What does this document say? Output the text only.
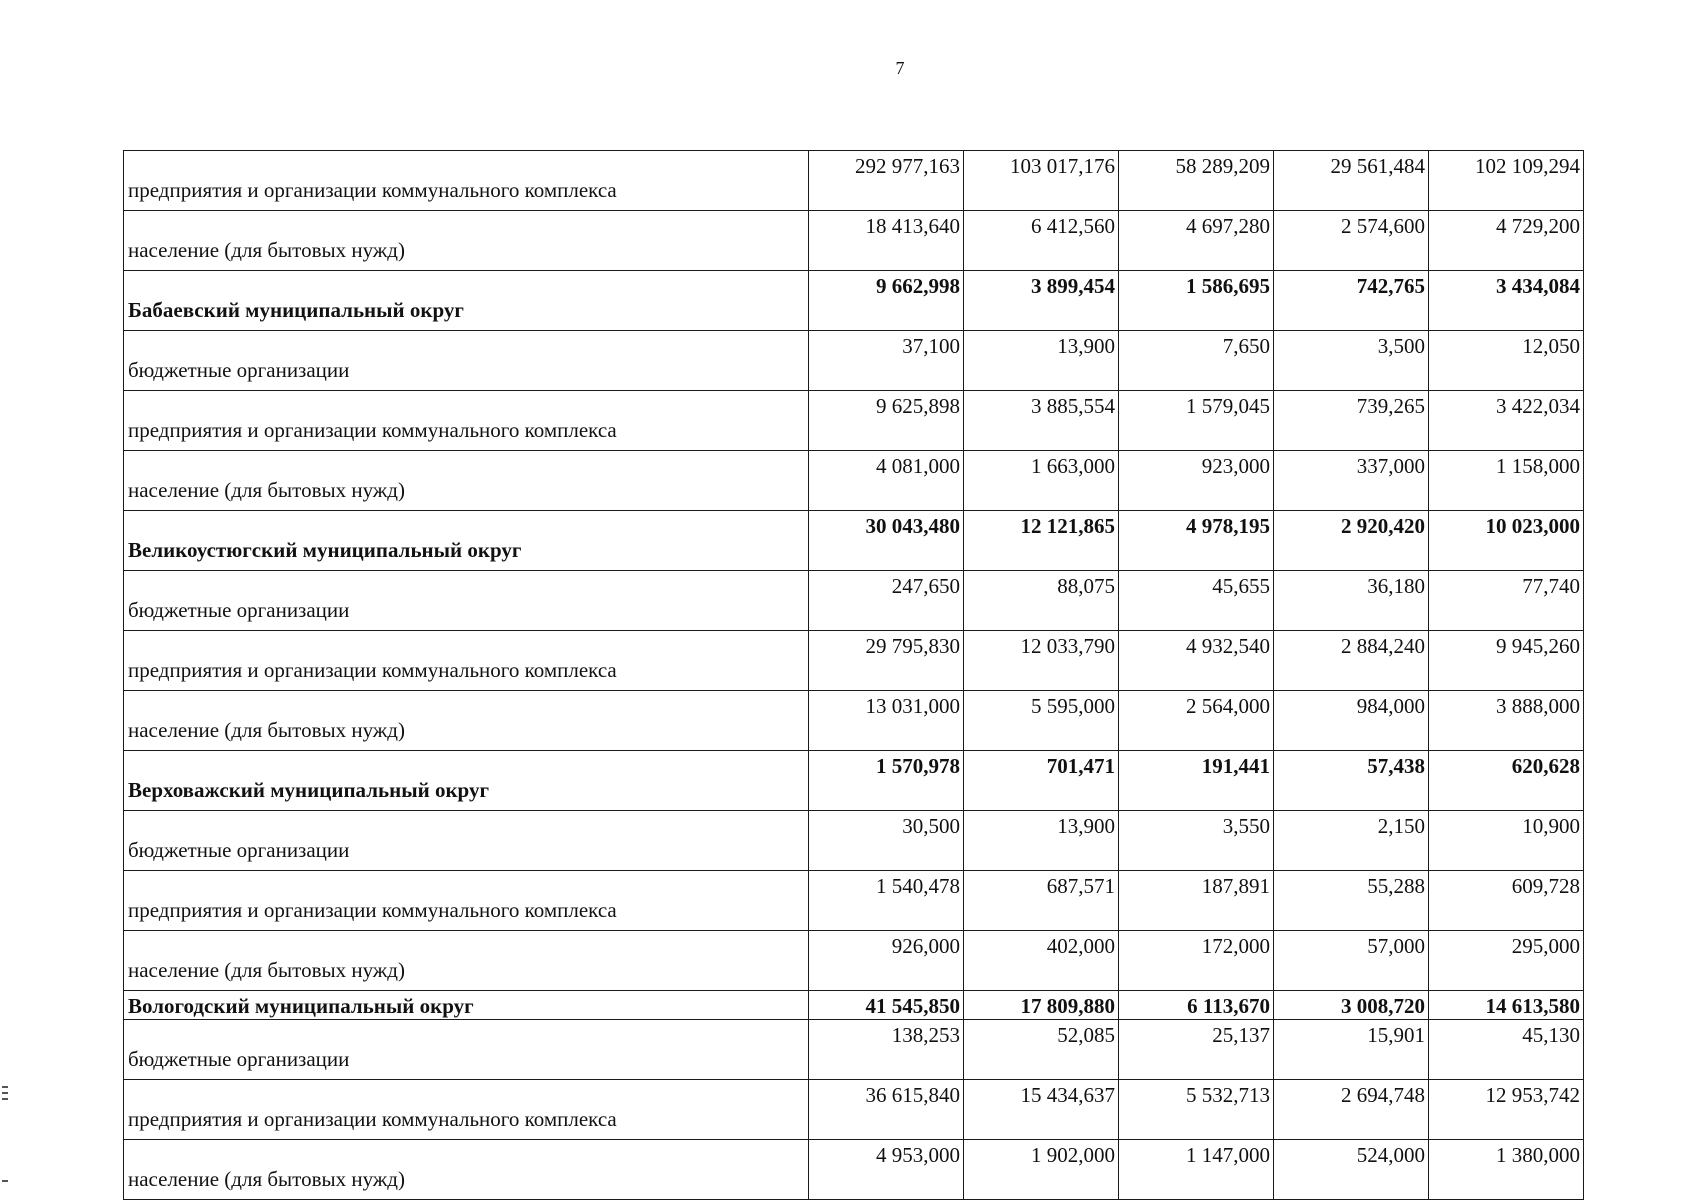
7
предприятия и организации коммунального комплекса	292 977,163	103 017,176	58 289,209	29 561,484	102 109,294
население (для бытовых нужд)	18 413,640	6 412,560	4 697,280	2 574,600	4 729,200
Бабаевский муниципальный округ	9 662,998	3 899,454	1 586,695	742,765	3 434,084
бюджетные организации	37,100	13,900	7,650	3,500	12,050
предприятия и организации коммунального комплекса	9 625,898	3 885,554	1 579,045	739,265	3 422,034
население (для бытовых нужд)	4 081,000	1 663,000	923,000	337,000	1 158,000
Великоустюгский муниципальный округ	30 043,480	12 121,865	4 978,195	2 920,420	10 023,000
бюджетные организации	247,650	88,075	45,655	36,180	77,740
предприятия и организации коммунального комплекса	29 795,830	12 033,790	4 932,540	2 884,240	9 945,260
население (для бытовых нужд)	13 031,000	5 595,000	2 564,000	984,000	3 888,000
Верховажский муниципальный округ	1 570,978	701,471	191,441	57,438	620,628
бюджетные организации	30,500	13,900	3,550	2,150	10,900
предприятия и организации коммунального комплекса	1 540,478	687,571	187,891	55,288	609,728
население (для бытовых нужд)	926,000	402,000	172,000	57,000	295,000
Вологодский муниципальный округ	41 545,850	17 809,880	6 113,670	3 008,720	14 613,580
бюджетные организации	138,253	52,085	25,137	15,901	45,130
предприятия и организации коммунального комплекса	36 615,840	15 434,637	5 532,713	2 694,748	12 953,742
население (для бытовых нужд)	4 953,000	1 902,000	1 147,000	524,000	1 380,000
